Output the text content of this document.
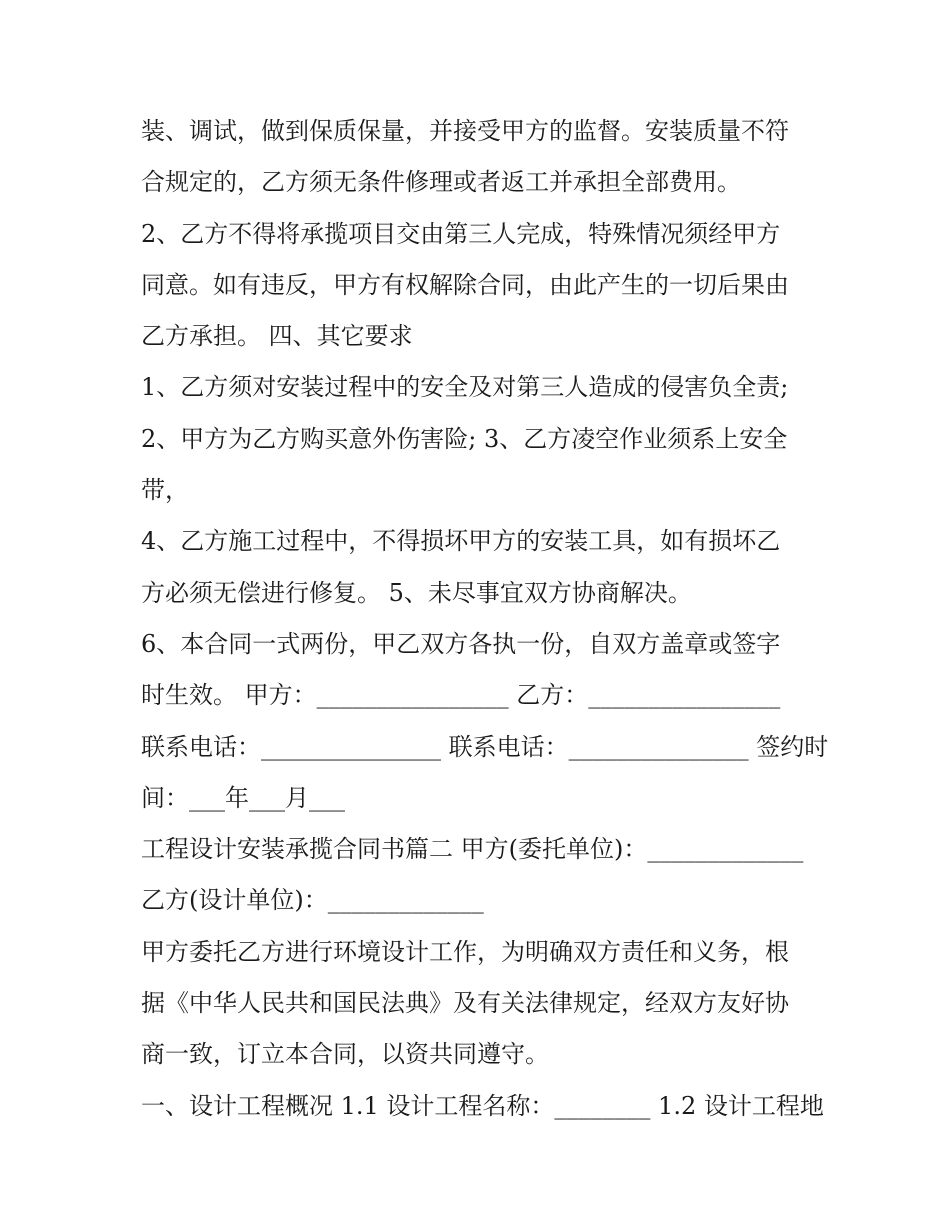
装、调试，做到保质保量，并接受甲方的监督。安装质量不符
合规定的，乙方须无条件修理或者返工并承担全部费用。
2、乙方不得将承揽项目交由第三人完成，特殊情况须经甲方
同意。如有违反，甲方有权解除合同，由此产生的一切后果由
乙方承担。 四、其它要求
1、乙方须对安装过程中的安全及对第三人造成的侵害负全责;
2、甲方为乙方购买意外伤害险; 3、乙方凌空作业须系上安全
带，
4、乙方施工过程中，不得损坏甲方的安装工具，如有损坏乙
方必须无偿进行修复。 5、未尽事宜双方协商解决。
6、本合同一式两份，甲乙双方各执一份，自双方盖章或签字
时生效。 甲方：________________ 乙方：________________
联系电话：_______________ 联系电话：_______________ 签约时
间：___年___月___
工程设计安装承揽合同书篇二 甲方(委托单位)：_____________
乙方(设计单位)：_____________
甲方委托乙方进行环境设计工作，为明确双方责任和义务，根
据《中华人民共和国民法典》及有关法律规定，经双方友好协
商一致，订立本合同，以资共同遵守。
一、设计工程概况 1.1 设计工程名称：________ 1.2 设计工程地
